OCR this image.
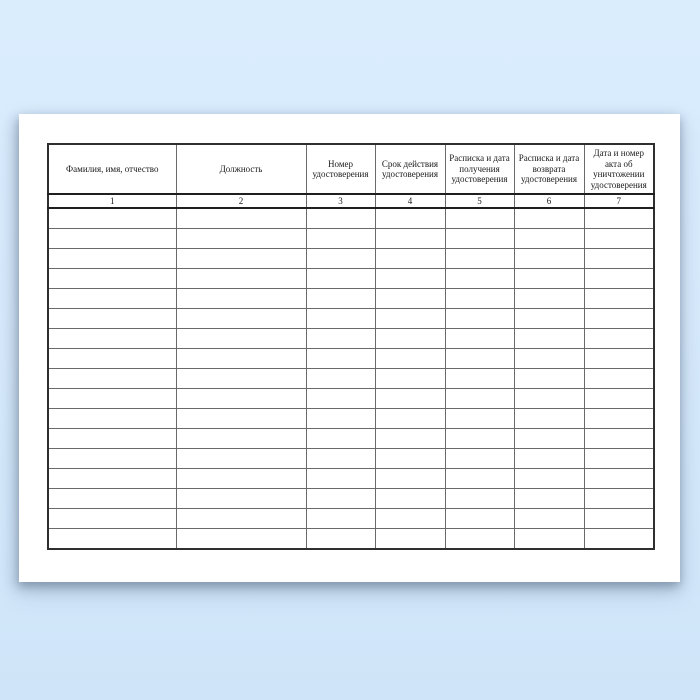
Фамилия, имя, отчество	Должность	Номер удостоверения	Срок действия удостоверения	Расписка и дата получения удостоверения	Расписка и дата возврата удостоверения	Дата и номер акта об уничтожении удостоверения
1	2	3	4	5	6	7
